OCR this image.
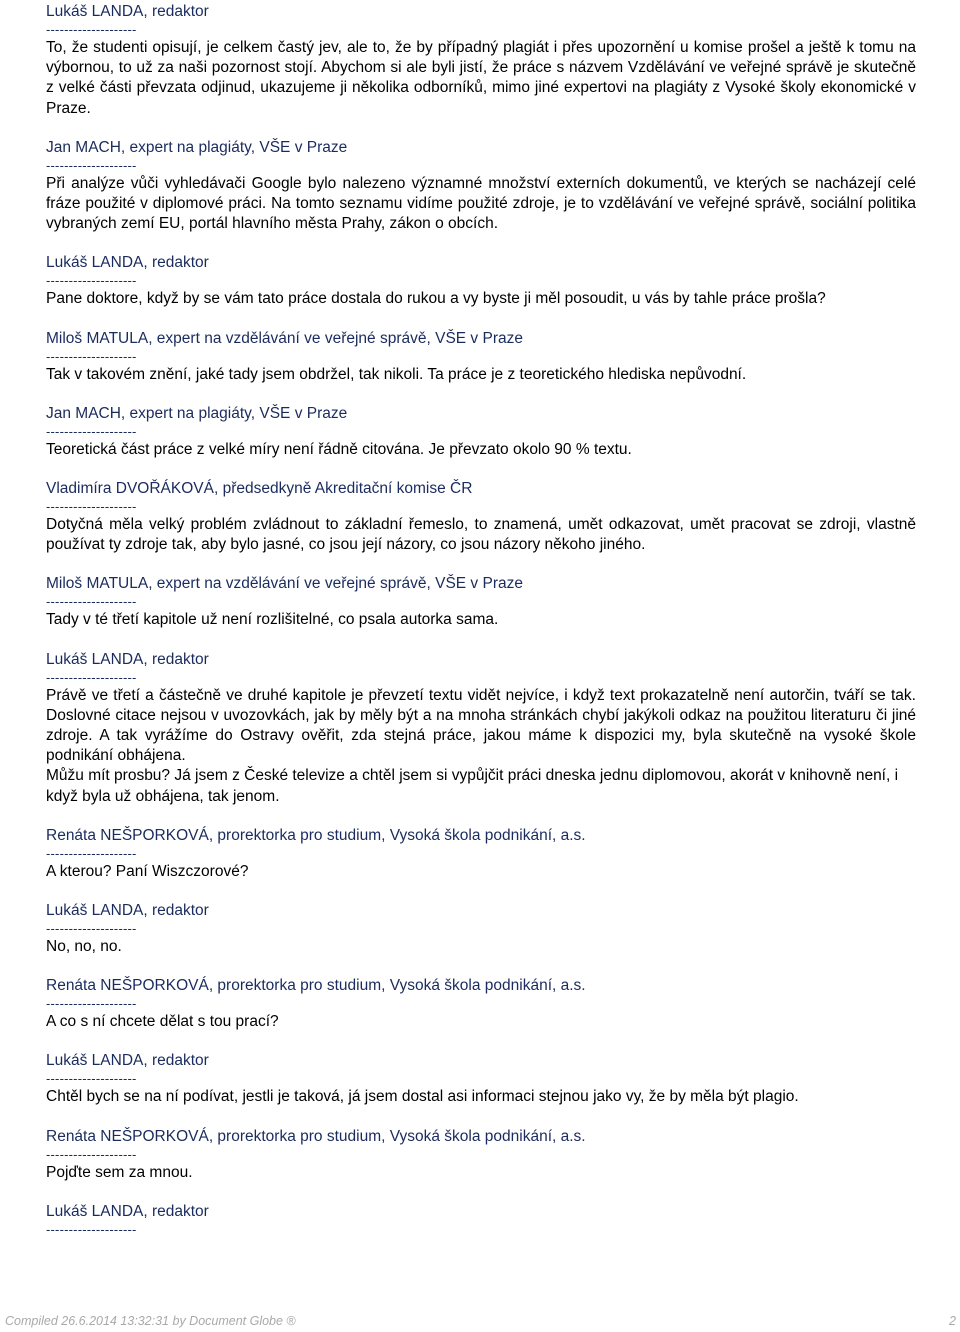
Lukáš LANDA, redaktor

--------------------

To, že studenti opisují, je celkem častý jev, ale to, že by případný plagiát i přes upozornění u komise prošel a ještě k tomu na výbornou, to už za naši pozornost stojí. Abychom si ale byli jistí, že práce s názvem Vzdělávání ve veřejné správě je skutečně z velké části převzata odjinud, ukazujeme ji několika odborníků, mimo jiné expertovi na plagiáty z Vysoké školy ekonomické v Praze.

Jan MACH, expert na plagiáty, VŠE v Praze

--------------------

Při analýze vůči vyhledávači Google bylo nalezeno významné množství externích dokumentů, ve kterých se nacházejí celé fráze použité v diplomové práci. Na tomto seznamu vidíme použité zdroje, je to vzdělávání ve veřejné správě, sociální politika vybraných zemí EU, portál hlavního města Prahy, zákon o obcích.

Lukáš LANDA, redaktor

--------------------

Pane doktore, když by se vám tato práce dostala do rukou a vy byste ji měl posoudit, u vás by tahle práce prošla?

Miloš MATULA, expert na vzdělávání ve veřejné správě, VŠE v Praze

--------------------

Tak v takovém znění, jaké tady jsem obdržel, tak nikoli. Ta práce je z teoretického hlediska nepůvodní.

Jan MACH, expert na plagiáty, VŠE v Praze

--------------------

Teoretická část práce z velké míry není řádně citována. Je převzato okolo 90 % textu.

Vladimíra DVOŘÁKOVÁ, předsedkyně Akreditační komise ČR

--------------------

Dotyčná měla velký problém zvládnout to základní řemeslo, to znamená, umět odkazovat, umět pracovat se zdroji, vlastně používat ty zdroje tak, aby bylo jasné, co jsou její názory, co jsou názory někoho jiného.

Miloš MATULA, expert na vzdělávání ve veřejné správě, VŠE v Praze

--------------------

Tady v té třetí kapitole už není rozlišitelné, co psala autorka sama.

Lukáš LANDA, redaktor

--------------------

Právě ve třetí a částečně ve druhé kapitole je převzetí textu vidět nejvíce, i když text prokazatelně není autorčin, tváří se tak. Doslovné citace nejsou v uvozovkách, jak by měly být a na mnoha stránkách chybí jakýkoli odkaz na použitou literaturu či jiné zdroje. A tak vyrážíme do Ostravy ověřit, zda stejná práce, jakou máme k dispozici my, byla skutečně na vysoké škole podnikání obhájena.

Můžu mít prosbu? Já jsem z České televize a chtěl jsem si vypůjčit práci dneska jednu diplomovou, akorát v knihovně není, i když byla už obhájena, tak jenom.

Renáta NEŠPORKOVÁ, prorektorka pro studium, Vysoká škola podnikání, a.s.

--------------------

A kterou? Paní Wiszczorové?

Lukáš LANDA, redaktor

--------------------

No, no, no.

Renáta NEŠPORKOVÁ, prorektorka pro studium, Vysoká škola podnikání, a.s.

--------------------

A co s ní chcete dělat s tou prací?

Lukáš LANDA, redaktor

--------------------

Chtěl bych se na ní podívat, jestli je taková, já jsem dostal asi informaci stejnou jako vy, že by měla být plagio.

Renáta NEŠPORKOVÁ, prorektorka pro studium, Vysoká škola podnikání, a.s.

--------------------

Pojďte sem za mnou.

Lukáš LANDA, redaktor

--------------------

Compiled 26.6.2014 13:32:31 by Document Globe ®	2
